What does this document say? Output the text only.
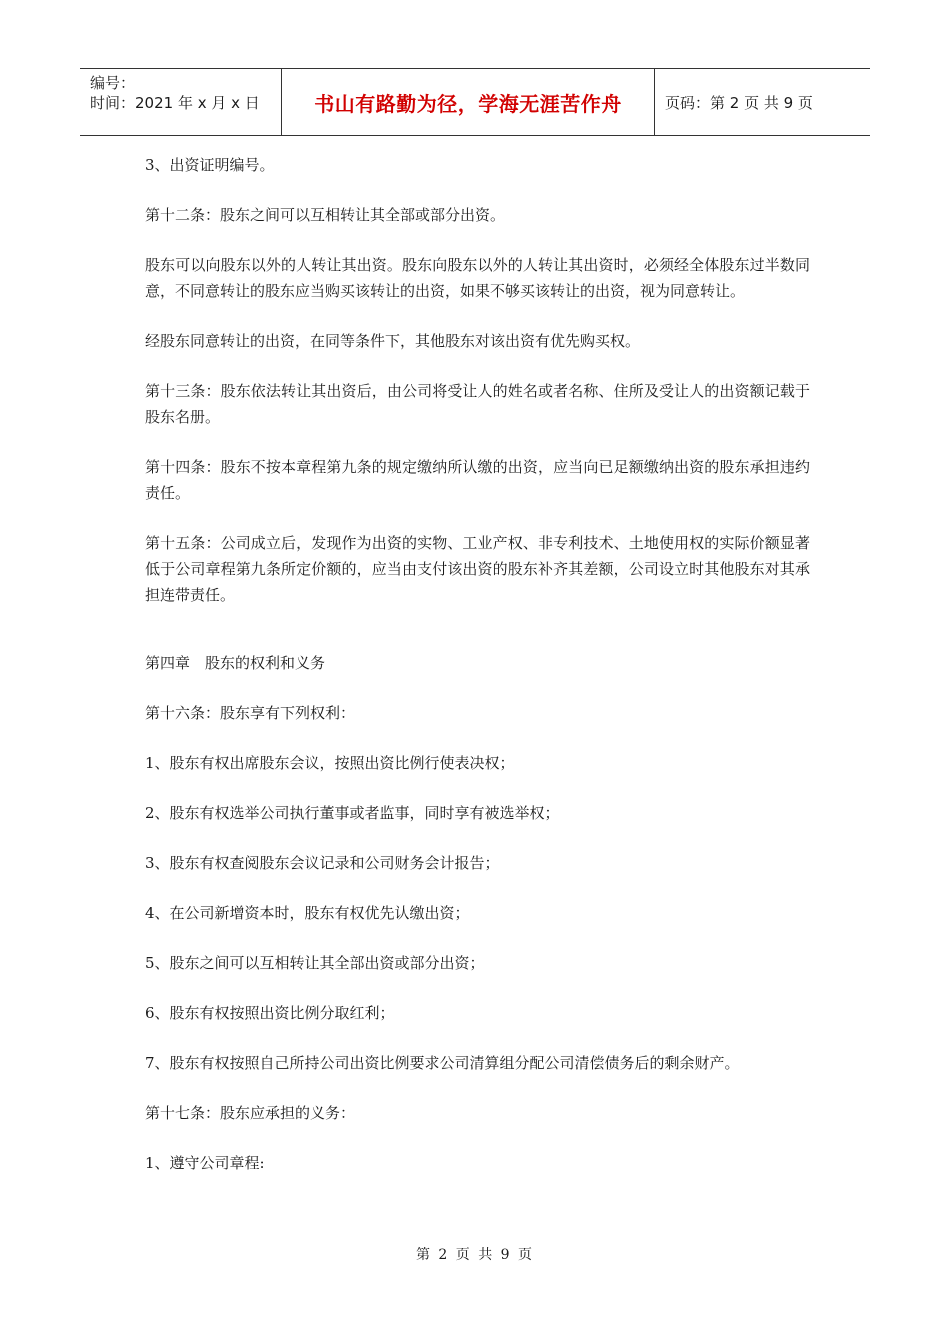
编号：
时间：2021 年 x 月 x 日	书山有路勤为径，学海无涯苦作舟	页码：第 2 页 共 9 页

3、出资证明编号。

第十二条：股东之间可以互相转让其全部或部分出资。

股东可以向股东以外的人转让其出资。股东向股东以外的人转让其出资时，必须经全体股东过半数同意，不同意转让的股东应当购买该转让的出资，如果不够买该转让的出资，视为同意转让。

经股东同意转让的出资，在同等条件下，其他股东对该出资有优先购买权。

第十三条：股东依法转让其出资后，由公司将受让人的姓名或者名称、住所及受让人的出资额记载于股东名册。

第十四条：股东不按本章程第九条的规定缴纳所认缴的出资，应当向已足额缴纳出资的股东承担违约责任。

第十五条：公司成立后，发现作为出资的实物、工业产权、非专利技术、土地使用权的实际价额显著低于公司章程第九条所定价额的，应当由支付该出资的股东补齐其差额，公司设立时其他股东对其承担连带责任。

第四章　股东的权利和义务

第十六条：股东享有下列权利：

1、股东有权出席股东会议，按照出资比例行使表决权；

2、股东有权选举公司执行董事或者监事，同时享有被选举权；

3、股东有权查阅股东会议记录和公司财务会计报告；

4、在公司新增资本时，股东有权优先认缴出资；

5、股东之间可以互相转让其全部出资或部分出资；

6、股东有权按照出资比例分取红利；

7、股东有权按照自己所持公司出资比例要求公司清算组分配公司清偿债务后的剩余财产。

第十七条：股东应承担的义务：

1、遵守公司章程:

第 2 页 共 9 页
